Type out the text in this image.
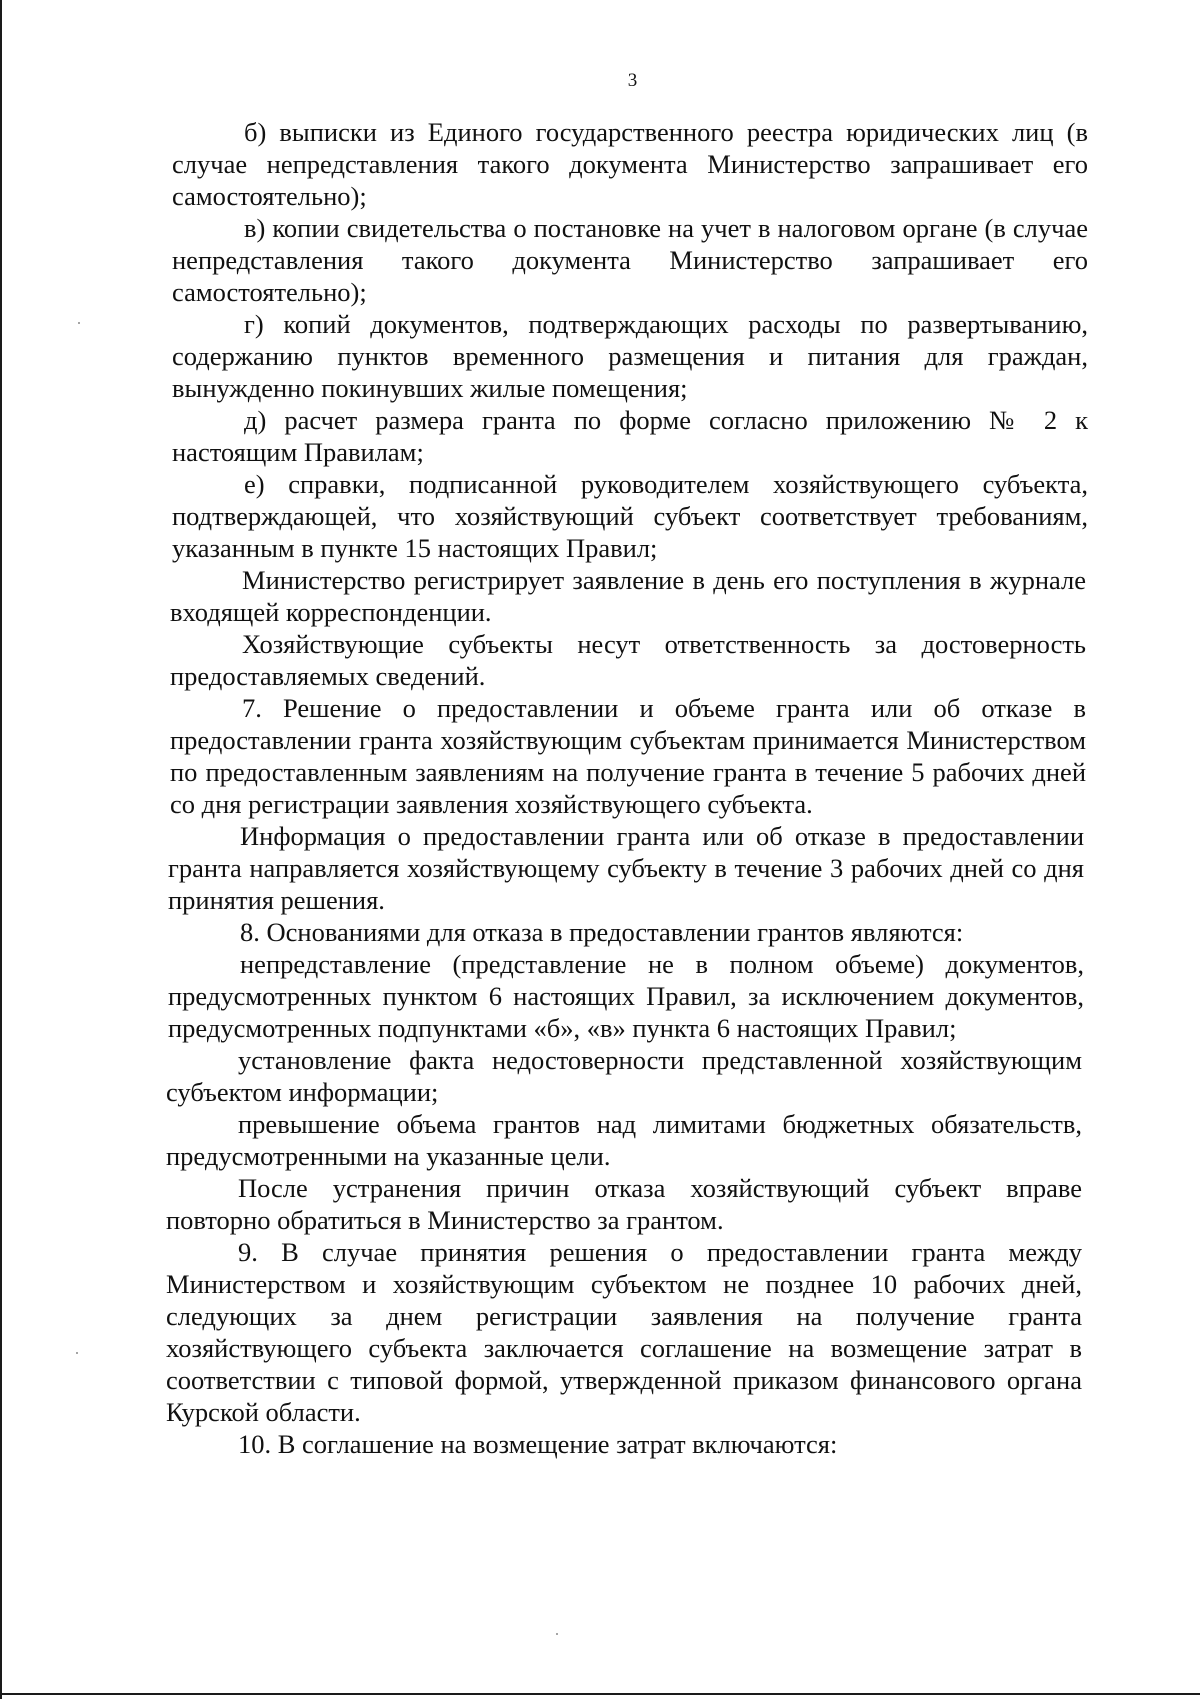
3

б) выписки из Единого государственного реестра юридических лиц (в случае непредставления такого документа Министерство запрашивает его самостоятельно);

в) копии свидетельства о постановке на учет в налоговом органе (в случае непредставления такого документа Министерство запрашивает его самостоятельно);

г) копий документов, подтверждающих расходы по развертыванию, содержанию пунктов временного размещения и питания для граждан, вынужденно покинувших жилые помещения;

д) расчет размера гранта по форме согласно приложению № 2 к настоящим Правилам;

е) справки, подписанной руководителем хозяйствующего субъекта, подтверждающей, что хозяйствующий субъект соответствует требованиям, указанным в пункте 15 настоящих Правил;

Министерство регистрирует заявление в день его поступления в журнале входящей корреспонденции.

Хозяйствующие субъекты несут ответственность за достоверность предоставляемых сведений.

7. Решение о предоставлении и объеме гранта или об отказе в предоставлении гранта хозяйствующим субъектам принимается Министерством по предоставленным заявлениям на получение гранта в течение 5 рабочих дней со дня регистрации заявления хозяйствующего субъекта.

Информация о предоставлении гранта или об отказе в предоставлении гранта направляется хозяйствующему субъекту в течение 3 рабочих дней со дня принятия решения.

8. Основаниями для отказа в предоставлении грантов являются:

непредставление (представление не в полном объеме) документов, предусмотренных пунктом 6 настоящих Правил, за исключением документов, предусмотренных подпунктами «б», «в» пункта 6 настоящих Правил;

установление факта недостоверности представленной хозяйствующим субъектом информации;

превышение объема грантов над лимитами бюджетных обязательств, предусмотренными на указанные цели.

После устранения причин отказа хозяйствующий субъект вправе повторно обратиться в Министерство за грантом.

9. В случае принятия решения о предоставлении гранта между Министерством и хозяйствующим субъектом не позднее 10 рабочих дней, следующих за днем регистрации заявления на получение гранта хозяйствующего субъекта заключается соглашение на возмещение затрат в соответствии с типовой формой, утвержденной приказом финансового органа Курской области.

10. В соглашение на возмещение затрат включаются:
